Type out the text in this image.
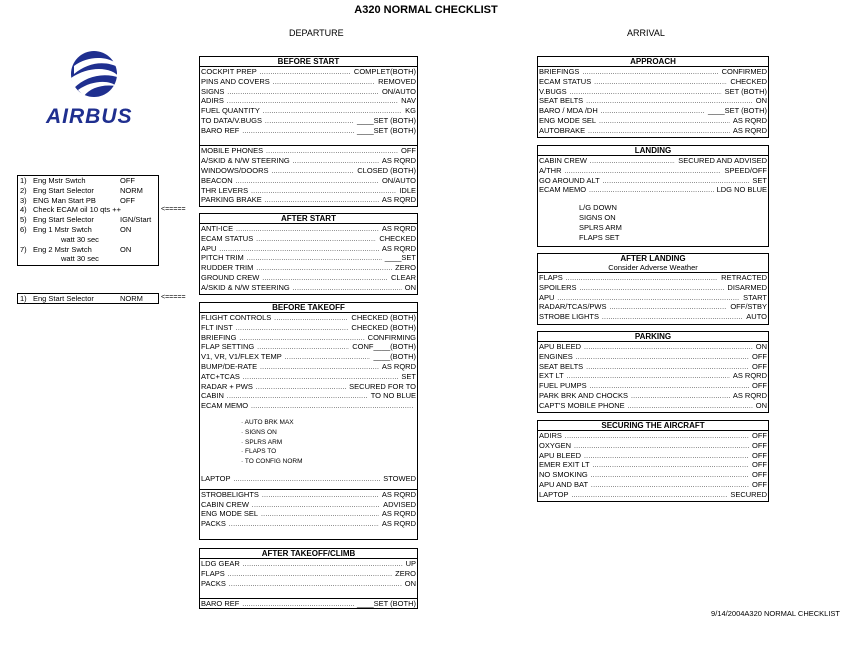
A320 NORMAL CHECKLIST
DEPARTURE	ARRIVAL
AIRBUS
1) Eng Mstr Swtch	OFF
2) Eng Start Selector	NORM
3) ENG Man Start PB	OFF
4) Check ECAM oil 10 qts ++
5) Eng Start Selector	IGN/Start
6) Eng 1 Mstr Swtch	ON
watt 30 sec
7) Eng 2 Mstr Swtch	ON
watt 30 sec
<=====
1) Eng Start Selector	NORM	<=====
BEFORE START
COCKPIT PREP .....	COMPLET(BOTH)
PINS AND COVERS .....	REMOVED
SIGNS .....	ON/AUTO
ADIRS .....	NAV
FUEL QUANTITY .....	KG
TO DATA/V.BUGS .....	____SET (BOTH)
BARO REF .....	____SET (BOTH)
MOBILE PHONES .....	OFF
A/SKID & N/W STEERING .....	AS RQRD
WINDOWS/DOORS .....	CLOSED (BOTH)
BEACON .....	ON/AUTO
THR LEVERS .....	IDLE
PARKING BRAKE .....	AS RQRD
AFTER START
ANTI-ICE .....	AS RQRD
ECAM STATUS .....	CHECKED
APU .....	AS RQRD
PITCH TRIM .....	____SET
RUDDER TRIM .....	ZERO
GROUND CREW .....	CLEAR
A/SKID & N/W STEERING .....	ON
BEFORE TAKEOFF
FLIGHT CONTROLS .....	CHECKED (BOTH)
FLT INST .....	CHECKED (BOTH)
BRIEFING .....	CONFIRMING
FLAP SETTING .....	CONF____(BOTH)
V1, VR, V1/FLEX TEMP .....	____(BOTH)
BUMP/DE-RATE .....	AS RQRD
ATC+TCAS .....	SET
RADAR + PWS .....	SECURED FOR TO
CABIN .....	TO NO BLUE
ECAM MEMO
.....
· AUTO BRK MAX
· SIGNS ON
· SPLRS ARM
· FLAPS TO
· TO CONFIG NORM
LAPTOP .....	STOWED
STROBELIGHTS .....	AS RQRD
CABIN CREW .....	ADVISED
ENG MODE SEL .....	AS RQRD
PACKS .....	AS RQRD
AFTER TAKEOFF/CLIMB
LDG GEAR .....	UP
FLAPS .....	ZERO
PACKS .....	ON
BARO REF .....	____SET (BOTH)
APPROACH
BRIEFINGS .....	CONFIRMED
ECAM STATUS .....	CHECKED
V.BUGS .....	SET (BOTH)
SEAT BELTS .....	ON
BARO / MDA /DH .....	____SET (BOTH)
ENG MODE SEL .....	AS RQRD
AUTOBRAKE .....	AS RQRD
LANDING
CABIN CREW .....	SECURED AND ADVISED
A/THR .....	SPEED/OFF
GO AROUND ALT .....	SET
ECAM MEMO .....	LDG NO BLUE
L/G DOWN
SIGNS ON
SPLRS ARM
FLAPS SET
AFTER LANDING
Consider Adverse Weather
FLAPS .....	RETRACTED
SPOILERS .....	DISARMED
APU .....	START
RADAR/TCAS/PWS .....	OFF/STBY
STROBE LIGHTS .....	AUTO
PARKING
APU BLEED .....	ON
ENGINES .....	OFF
SEAT BELTS .....	OFF
EXT LT .....	AS RQRD
FUEL PUMPS .....	OFF
PARK BRK AND CHOCKS .....	AS RQRD
CAPT'S MOBILE PHONE .....	ON
SECURING THE AIRCRAFT
ADIRS .....	OFF
OXYGEN .....	OFF
APU BLEED .....	OFF
EMER EXIT LT .....	OFF
NO SMOKING .....	OFF
APU AND BAT .....	OFF
LAPTOP .....	SECURED
9/14/2004A320 NORMAL CHECKLIST
